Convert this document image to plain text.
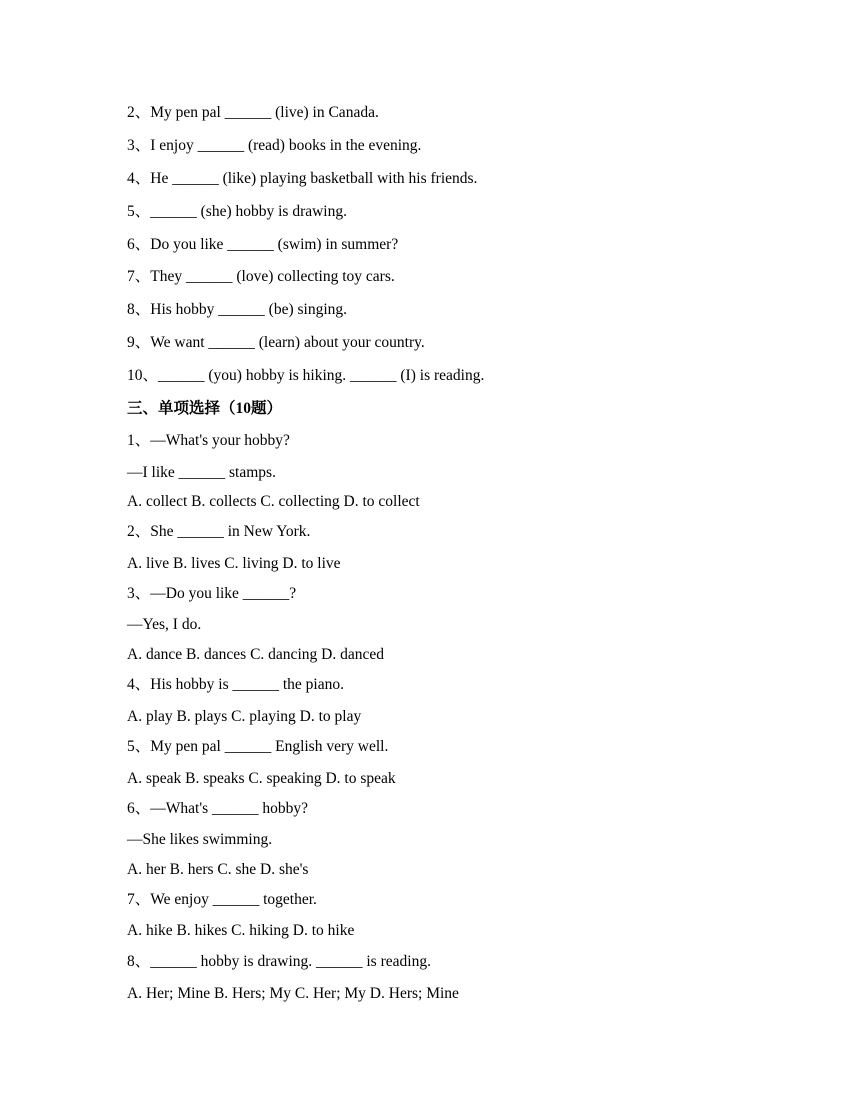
2、My pen pal ______ (live) in Canada.
3、I enjoy ______ (read) books in the evening.
4、He ______ (like) playing basketball with his friends.
5、______ (she) hobby is drawing.
6、Do you like ______ (swim) in summer?
7、They ______ (love) collecting toy cars.
8、His hobby ______ (be) singing.
9、We want ______ (learn) about your country.
10、______ (you) hobby is hiking. ______ (I) is reading.
三、单项选择（10题）
1、—What's your hobby?
—I like ______ stamps.
A. collect B. collects C. collecting D. to collect
2、She ______ in New York.
A. live B. lives C. living D. to live
3、—Do you like ______?
—Yes, I do.
A. dance B. dances C. dancing D. danced
4、His hobby is ______ the piano.
A. play B. plays C. playing D. to play
5、My pen pal ______ English very well.
A. speak B. speaks C. speaking D. to speak
6、—What's ______ hobby?
—She likes swimming.
A. her B. hers C. she D. she's
7、We enjoy ______ together.
A. hike B. hikes C. hiking D. to hike
8、______ hobby is drawing. ______ is reading.
A. Her; Mine B. Hers; My C. Her; My D. Hers; Mine
